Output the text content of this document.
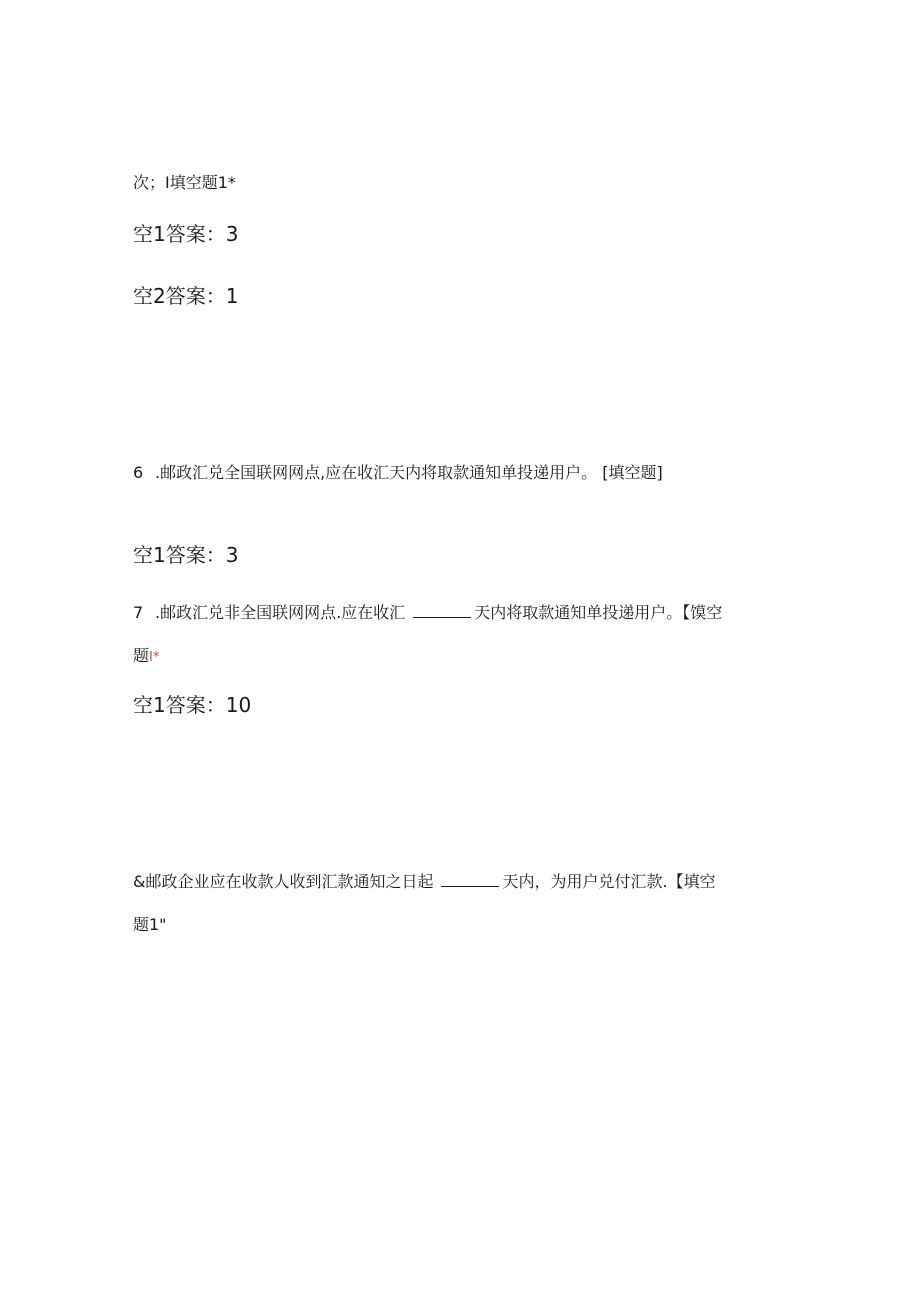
次；I填空题1*
空1答案：3
空2答案：1
6 .邮政汇兑全国联网网点,应在收汇天内将取款通知单投递用户。 [填空题]
空1答案：3
7 .邮政汇兑非全国联网网点.应在收汇	天内将取款通知单投递用户。【馍空
题I*
空1答案：10
&邮政企业应在收款人收到汇款通知之日起	天内，为用户兑付汇款.【填空
题1"
